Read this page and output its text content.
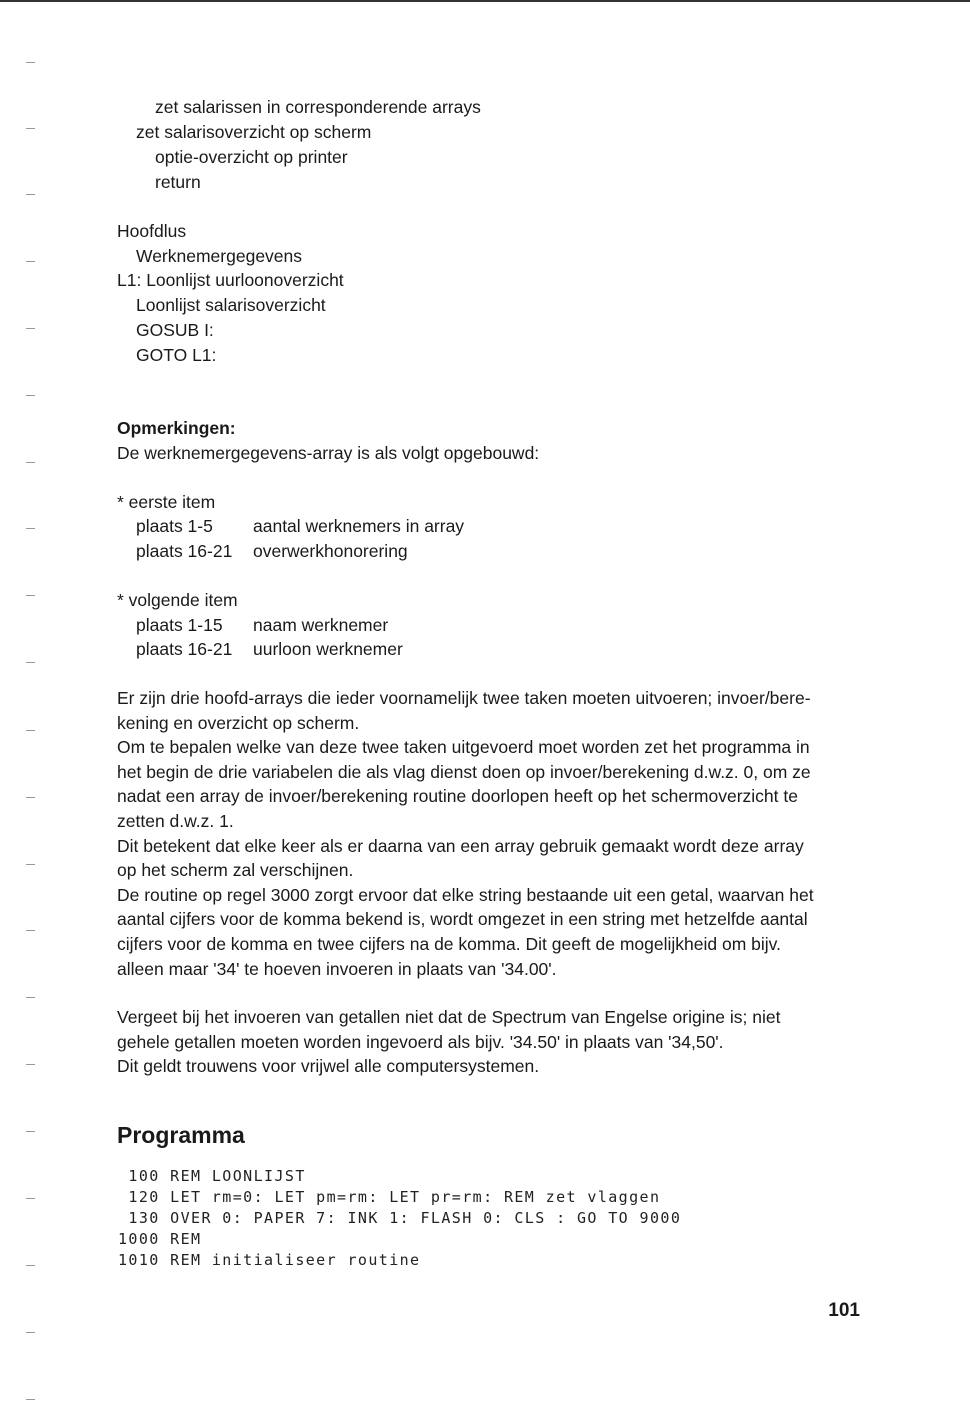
zet salarissen in corresponderende arrays
zet salarisoverzicht op scherm
optie-overzicht op printer
return
Hoofdlus
Werknemergegevens
L1: Loonlijst uurloonoverzicht
Loonlijst salarisoverzicht
GOSUB I:
GOTO L1:
Opmerkingen:
De werknemergegevens-array is als volgt opgebouwd:
* eerste item
plaats 1-5 aantal werknemers in array
plaats 16-21 overwerkhonorering
* volgende item
plaats 1-15 naam werknemer
plaats 16-21 uurloon werknemer
Er zijn drie hoofd-arrays die ieder voornamelijk twee taken moeten uitvoeren; invoer/bere-
kening en overzicht op scherm.
Om te bepalen welke van deze twee taken uitgevoerd moet worden zet het programma in
het begin de drie variabelen die als vlag dienst doen op invoer/berekening d.w.z. 0, om ze
nadat een array de invoer/berekening routine doorlopen heeft op het schermoverzicht te
zetten d.w.z. 1.
Dit betekent dat elke keer als er daarna van een array gebruik gemaakt wordt deze array
op het scherm zal verschijnen.
De routine op regel 3000 zorgt ervoor dat elke string bestaande uit een getal, waarvan het
aantal cijfers voor de komma bekend is, wordt omgezet in een string met hetzelfde aantal
cijfers voor de komma en twee cijfers na de komma. Dit geeft de mogelijkheid om bijv.
alleen maar '34' te hoeven invoeren in plaats van '34.00'.
Vergeet bij het invoeren van getallen niet dat de Spectrum van Engelse origine is; niet
gehele getallen moeten worden ingevoerd als bijv. '34.50' in plaats van '34,50'.
Dit geldt trouwens voor vrijwel alle computersystemen.
Programma
100 REM LOONLIJST
120 LET rm=0: LET pm=rm: LET pr=rm: REM zet vlaggen
130 OVER 0: PAPER 7: INK 1: FLASH 0: CLS : GO TO 9000
1000 REM
1010 REM initialiseer routine
101
